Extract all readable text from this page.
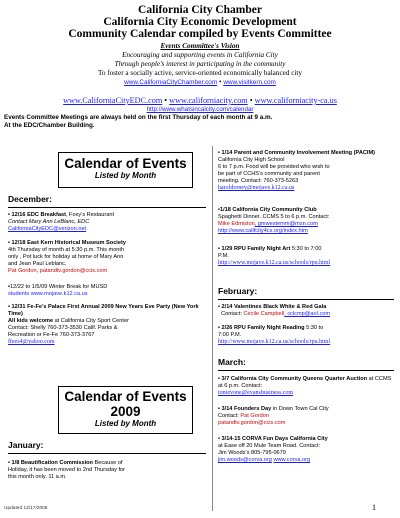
California City Chamber
California City Economic Development
Community Calendar compiled by Events Committee
Events Committee's Vision
Encouraging and supporting events in California City
Through people’s interest in participating in the community
To foster a socially active, service-oriented economically balanced city
www.CaliforniaCityChamber.com • www.visitkern.com
www.CaliforniaCityEDC.com • www.californiacity.com • www.californiacity-ca.us
http://www.whatsincalcity.com/calendar
Events Committee Meetings are always held on the first Thursday of each month at 9 a.m.
At the EDC/Chamber Building.
Calendar of Events
Listed by Month
December:
• 12/16 EDC Breakfast, Foxy’s Restaurant
Contact Mary Ann LeBlanc, EDC
CaliforniaCityEDC@verizon.net
• 12/18 East Kern Historical Museum Society
4th Thursday of month at 5:30 p.m. This month
only , Pot luck for holiday at home of Mary Ann
and Jean Paul Leblanc.
Pat Gordon, patandtv.gordon@ccis.com
•12/22 to 1/5/09 Winter Break for MUSD
students www.mojave.k12.ca.us
• 12/31 Fe-Fe’s Palace First Annual 2009 New Years Eve Party (New York Time)
All kids welcome at California City Sport Center
Contact: Shelly 760-373-3530 Calif. Parks &
Recreation or Fe-Fe 760-373-3767
ffees4@yahoo.com
Calendar of Events
2009
Listed by Month
January:
• 1/8 Beautification Commission Because of
Holiday, it has been moved to 2nd Thursday for
this month only. 11 a.m.
• 1/14 Parent and Community Involvement Meeting (PACIM) California City High School
6 to 7 p.m. Food will be provided who wish to
be part of CCHS’s community and parent
meeting. Contact: 760-373-5263
haroldroney@mojave.k12.ca.us
•1/18 California City Community Club
Spaghetti Dinner. CCMS 5 to 6 p.m. Contact:
Mike Edmiston, gmwestemm@msn.com
http://www.califcity4cs.org/index.htm
• 1/29 RPU Family Night Art 5:30 to 7:00
P.M.
http://www.mojave.k12.ca.us/schools/rpu.html
February:
• 2/14 Valentines Black White & Red Gala
Contact: Cecile Campbell, cclcmp@aol.com
• 2/26 RPU Family Night Reading 5:30 to
7:00 P.M.
http://www.mojave.k12.ca.us/schools/rpu.html
March:
• 3/7 California City Community Queens Quarter Auction at CCMS at 6 p.m. Contact:
tonievone@evansbusiness.com
• 3/14 Founders Day in Down Town Cal City
Contact: Pat Gordon
patandtv.gordon@ccis.com
• 3/14-15 CORVA Fun Days California City
at Ease off 20 Mule Team Road. Contact:
Jim Woods’s 805-795-0679
jim.woods@corva.org www.corva.org
Updated 12/17/2008	1
